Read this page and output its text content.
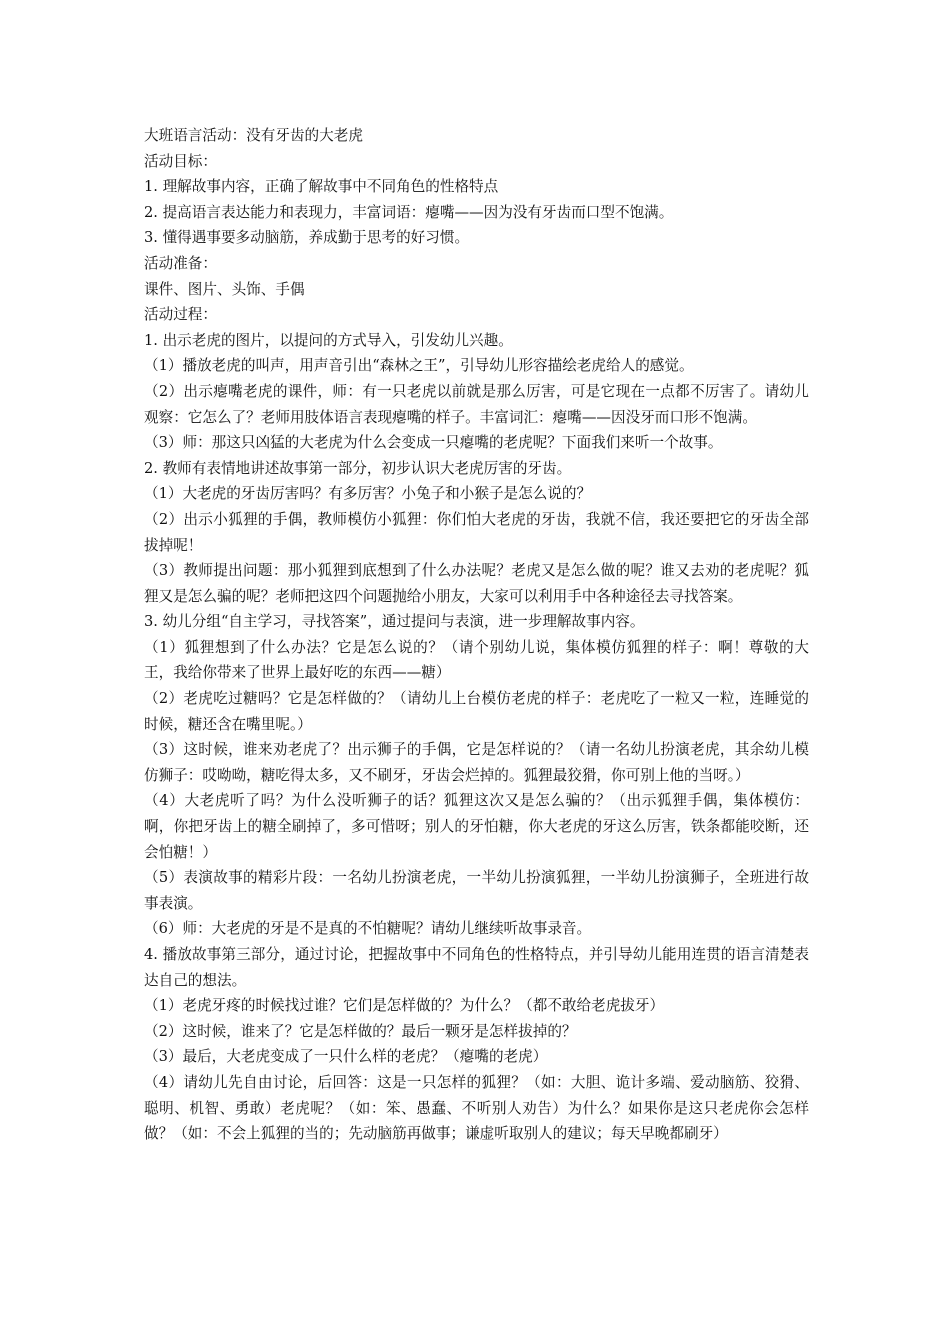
大班语言活动：没有牙齿的大老虎

活动目标：

1. 理解故事内容，正确了解故事中不同角色的性格特点

2. 提高语言表达能力和表现力，丰富词语：瘪嘴——因为没有牙齿而口型不饱满。

3. 懂得遇事要多动脑筋，养成勤于思考的好习惯。

活动准备：

课件、图片、头饰、手偶

活动过程：

1. 出示老虎的图片，以提问的方式导入，引发幼儿兴趣。

（1）播放老虎的叫声，用声音引出“森林之王”，引导幼儿形容描绘老虎给人的感觉。

（2）出示瘪嘴老虎的课件，师：有一只老虎以前就是那么厉害，可是它现在一点都不厉害了。请幼儿观察：它怎么了？老师用肢体语言表现瘪嘴的样子。丰富词汇：瘪嘴——因没牙而口形不饱满。

（3）师：那这只凶猛的大老虎为什么会变成一只瘪嘴的老虎呢？下面我们来听一个故事。

2. 教师有表情地讲述故事第一部分，初步认识大老虎厉害的牙齿。

（1）大老虎的牙齿厉害吗？有多厉害？小兔子和小猴子是怎么说的？

（2）出示小狐狸的手偶，教师模仿小狐狸：你们怕大老虎的牙齿，我就不信，我还要把它的牙齿全部拔掉呢！

（3）教师提出问题：那小狐狸到底想到了什么办法呢？老虎又是怎么做的呢？谁又去劝的老虎呢？狐狸又是怎么骗的呢？老师把这四个问题抛给小朋友，大家可以利用手中各种途径去寻找答案。

3. 幼儿分组“自主学习，寻找答案”，通过提问与表演，进一步理解故事内容。

（1）狐狸想到了什么办法？它是怎么说的？（请个别幼儿说，集体模仿狐狸的样子：啊！尊敬的大王，我给你带来了世界上最好吃的东西——糖）

（2）老虎吃过糖吗？它是怎样做的？（请幼儿上台模仿老虎的样子：老虎吃了一粒又一粒，连睡觉的时候，糖还含在嘴里呢。）

（3）这时候，谁来劝老虎了？出示狮子的手偶，它是怎样说的？（请一名幼儿扮演老虎，其余幼儿模仿狮子：哎呦呦，糖吃得太多，又不刷牙，牙齿会烂掉的。狐狸最狡猾，你可别上他的当呀。）

（4）大老虎听了吗？为什么没听狮子的话？狐狸这次又是怎么骗的？（出示狐狸手偶，集体模仿：啊，你把牙齿上的糖全刷掉了，多可惜呀；别人的牙怕糖，你大老虎的牙这么厉害，铁条都能咬断，还会怕糖！）

（5）表演故事的精彩片段：一名幼儿扮演老虎，一半幼儿扮演狐狸，一半幼儿扮演狮子，全班进行故事表演。

（6）师：大老虎的牙是不是真的不怕糖呢？请幼儿继续听故事录音。

4. 播放故事第三部分，通过讨论，把握故事中不同角色的性格特点，并引导幼儿能用连贯的语言清楚表达自己的想法。

（1）老虎牙疼的时候找过谁？它们是怎样做的？为什么？（都不敢给老虎拔牙）

（2）这时候，谁来了？它是怎样做的？最后一颗牙是怎样拔掉的？

（3）最后，大老虎变成了一只什么样的老虎？（瘪嘴的老虎）

（4）请幼儿先自由讨论，后回答：这是一只怎样的狐狸？（如：大胆、诡计多端、爱动脑筋、狡猾、聪明、机智、勇敢）老虎呢？（如：笨、愚蠢、不听别人劝告）为什么？如果你是这只老虎你会怎样做？（如：不会上狐狸的当的；先动脑筋再做事；谦虚听取别人的建议；每天早晚都刷牙）
